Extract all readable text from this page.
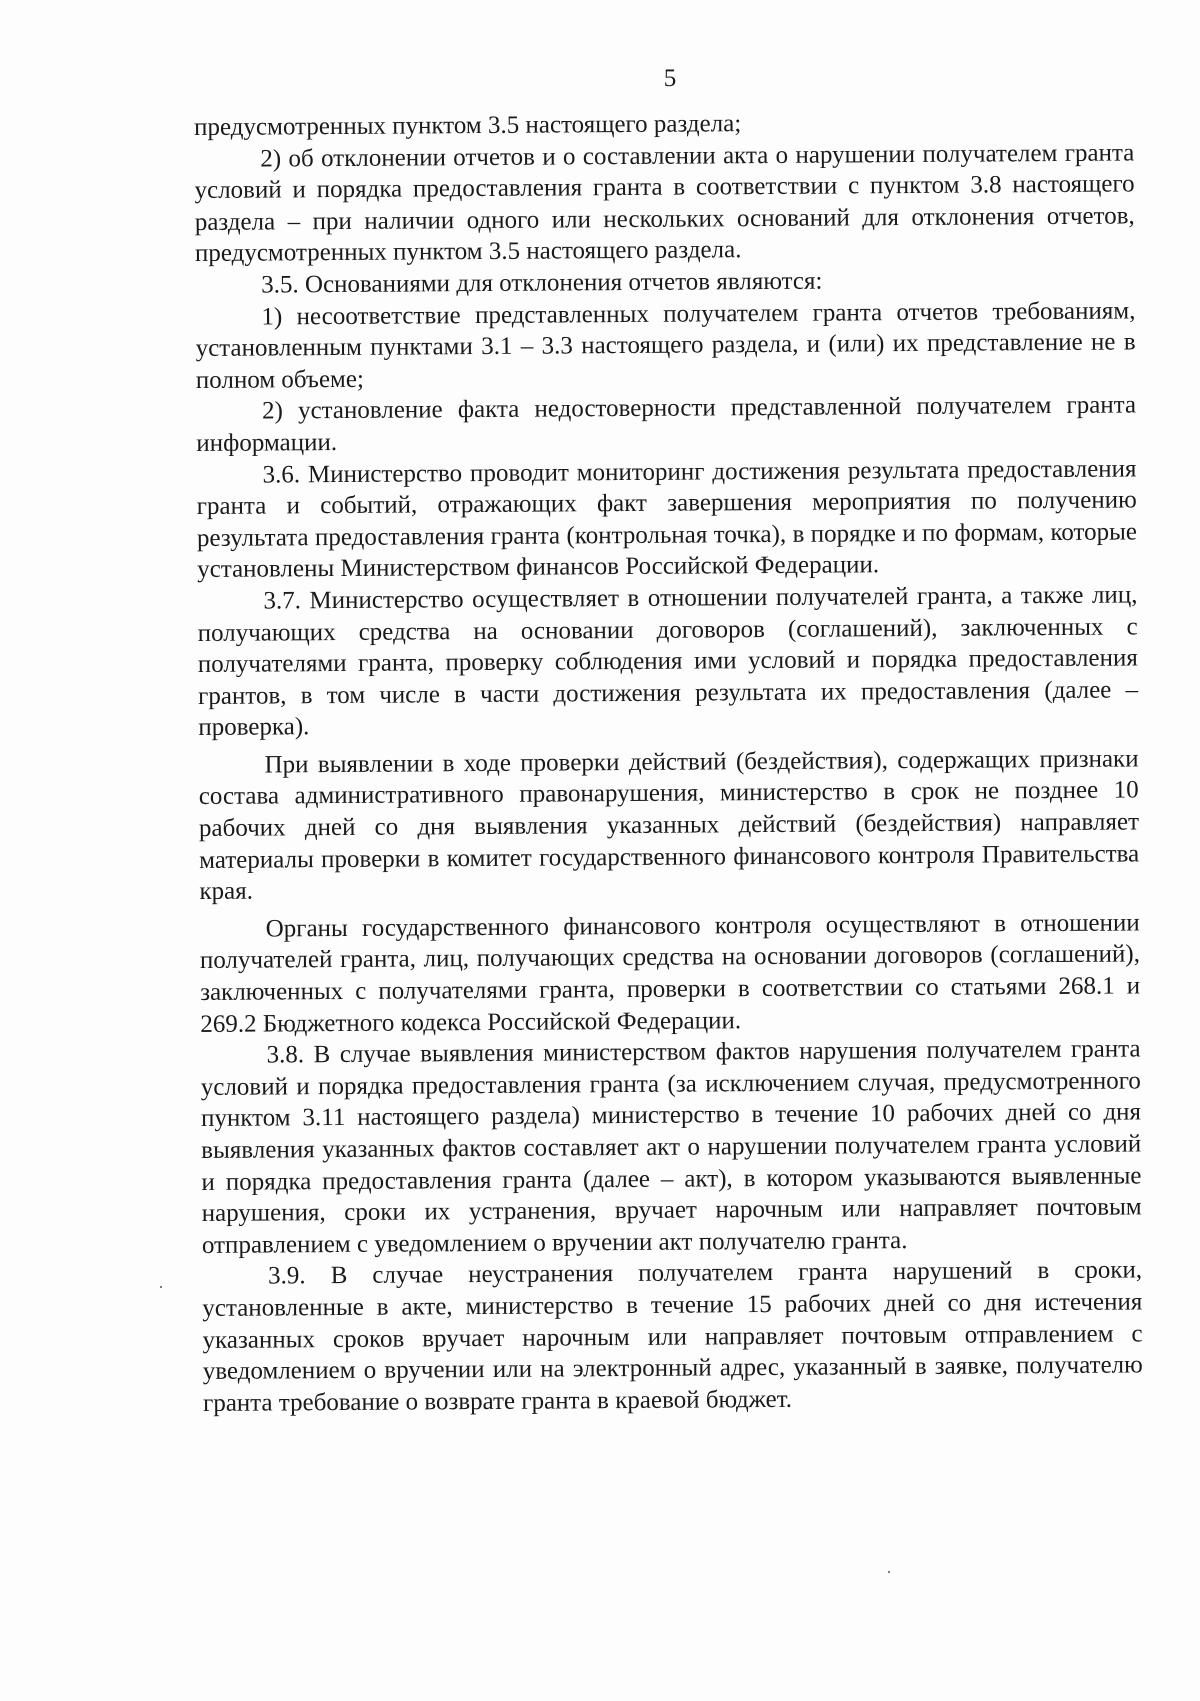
5

предусмотренных пунктом 3.5 настоящего раздела;

2) об отклонении отчетов и о составлении акта о нарушении получателем гранта условий и порядка предоставления гранта в соответствии с пунктом 3.8 настоящего раздела – при наличии одного или нескольких оснований для отклонения отчетов, предусмотренных пунктом 3.5 настоящего раздела.

3.5. Основаниями для отклонения отчетов являются:

1) несоответствие представленных получателем гранта отчетов требованиям, установленным пунктами 3.1 – 3.3 настоящего раздела, и (или) их представление не в полном объеме;

2) установление факта недостоверности представленной получателем гранта информации.

3.6. Министерство проводит мониторинг достижения результата предоставления гранта и событий, отражающих факт завершения мероприятия по получению результата предоставления гранта (контрольная точка), в порядке и по формам, которые установлены Министерством финансов Российской Федерации.

3.7. Министерство осуществляет в отношении получателей гранта, а также лиц, получающих средства на основании договоров (соглашений), заключенных с получателями гранта, проверку соблюдения ими условий и порядка предоставления грантов, в том числе в части достижения результата их предоставления (далее – проверка).

При выявлении в ходе проверки действий (бездействия), содержащих признаки состава административного правонарушения, министерство в срок не позднее 10 рабочих дней со дня выявления указанных действий (бездействия) направляет материалы проверки в комитет государственного финансового контроля Правительства края.

Органы государственного финансового контроля осуществляют в отношении получателей гранта, лиц, получающих средства на основании договоров (соглашений), заключенных с получателями гранта, проверки в соответствии со статьями 268.1 и 269.2 Бюджетного кодекса Российской Федерации.

3.8. В случае выявления министерством фактов нарушения получателем гранта условий и порядка предоставления гранта (за исключением случая, предусмотренного пунктом 3.11 настоящего раздела) министерство в течение 10 рабочих дней со дня выявления указанных фактов составляет акт о нарушении получателем гранта условий и порядка предоставления гранта (далее – акт), в котором указываются выявленные нарушения, сроки их устранения, вручает нарочным или направляет почтовым отправлением с уведомлением о вручении акт получателю гранта.

3.9. В случае неустранения получателем гранта нарушений в сроки, установленные в акте, министерство в течение 15 рабочих дней со дня истечения указанных сроков вручает нарочным или направляет почтовым отправлением с уведомлением о вручении или на электронный адрес, указанный в заявке, получателю гранта требование о возврате гранта в краевой бюджет.
